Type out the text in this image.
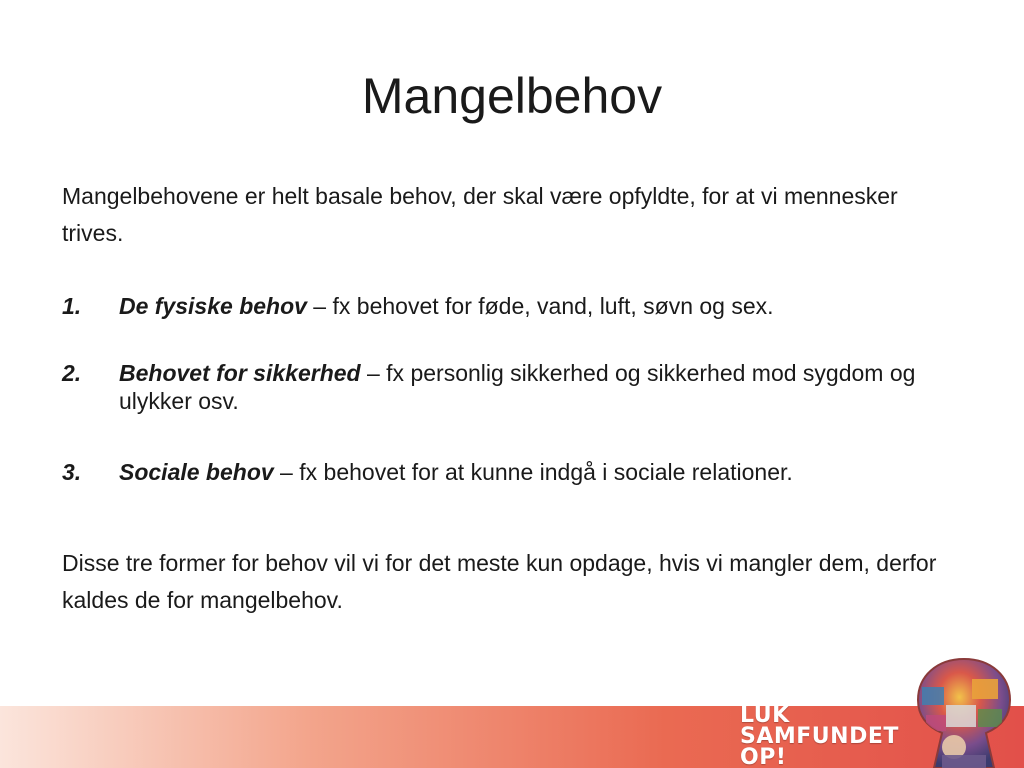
Mangelbehov

Mangelbehovene er helt basale behov, der skal være opfyldte, for at vi mennesker trives.

1. De fysiske behov – fx behovet for føde, vand, luft, søvn og sex.
2. Behovet for sikkerhed – fx personlig sikkerhed og sikkerhed mod sygdom og ulykker osv.
3. Sociale behov – fx behovet for at kunne indgå i sociale relationer.

Disse tre former for behov vil vi for det meste kun opdage, hvis vi mangler dem, derfor kaldes de for mangelbehov.

LUK
SAMFUNDET
OP!
